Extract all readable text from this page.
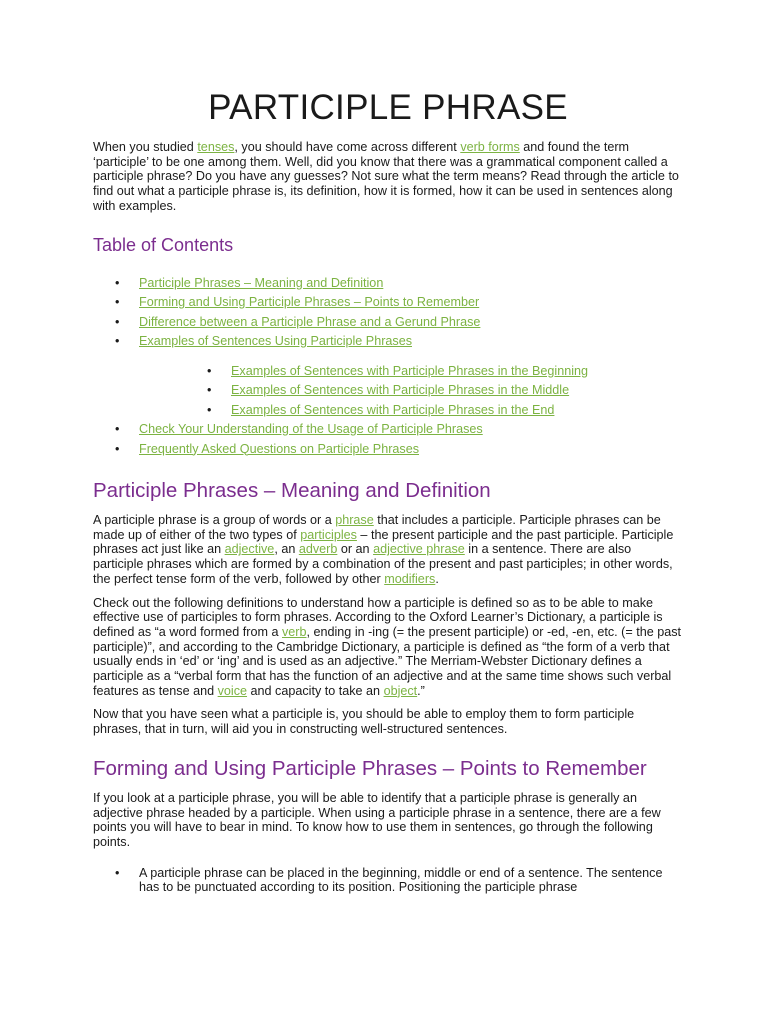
PARTICIPLE PHRASE

When you studied tenses, you should have come across different verb forms and found the term ‘participle’ to be one among them. Well, did you know that there was a grammatical component called a participle phrase? Do you have any guesses? Not sure what the term means? Read through the article to find out what a participle phrase is, its definition, how it is formed, how it can be used in sentences along with examples.

Table of Contents
• Participle Phrases – Meaning and Definition
• Forming and Using Participle Phrases – Points to Remember
• Difference between a Participle Phrase and a Gerund Phrase
• Examples of Sentences Using Participle Phrases
• Examples of Sentences with Participle Phrases in the Beginning
• Examples of Sentences with Participle Phrases in the Middle
• Examples of Sentences with Participle Phrases in the End
• Check Your Understanding of the Usage of Participle Phrases
• Frequently Asked Questions on Participle Phrases
Participle Phrases – Meaning and Definition

A participle phrase is a group of words or a phrase that includes a participle. Participle phrases can be made up of either of the two types of participles – the present participle and the past participle. Participle phrases act just like an adjective, an adverb or an adjective phrase in a sentence. There are also participle phrases which are formed by a combination of the present and past participles; in other words, the perfect tense form of the verb, followed by other modifiers.

Check out the following definitions to understand how a participle is defined so as to be able to make effective use of participles to form phrases. According to the Oxford Learner’s Dictionary, a participle is defined as “a word formed from a verb, ending in -ing (= the present participle) or -ed, -en, etc. (= the past participle)”, and according to the Cambridge Dictionary, a participle is defined as “the form of a verb that usually ends in ‘ed’ or ‘ing’ and is used as an adjective.” The Merriam-Webster Dictionary defines a participle as a “verbal form that has the function of an adjective and at the same time shows such verbal features as tense and voice and capacity to take an object.”

Now that you have seen what a participle is, you should be able to employ them to form participle phrases, that in turn, will aid you in constructing well-structured sentences.

Forming and Using Participle Phrases – Points to Remember

If you look at a participle phrase, you will be able to identify that a participle phrase is generally an adjective phrase headed by a participle. When using a participle phrase in a sentence, there are a few points you will have to bear in mind. To know how to use them in sentences, go through the following points.

• A participle phrase can be placed in the beginning, middle or end of a sentence. The sentence has to be punctuated according to its position. Positioning the participle phrase
